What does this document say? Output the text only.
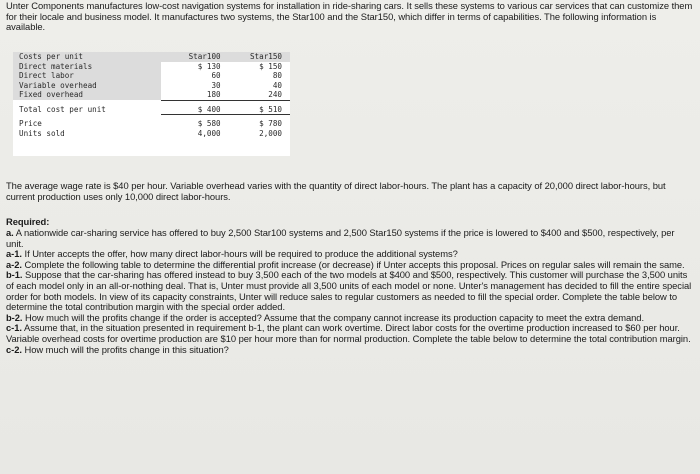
Unter Components manufactures low-cost navigation systems for installation in ride-sharing cars. It sells these systems to various car services that can customize them for their locale and business model. It manufactures two systems, the Star100 and the Star150, which differ in terms of capabilities. The following information is available.
Costs per unit	Star100	Star150
Direct materials	$ 130	$ 150
Direct labor	60	80
Variable overhead	30	40
Fixed overhead	180	240

Total cost per unit	$ 400	$ 510

Price	$ 580	$ 780
Units sold	4,000	2,000
The average wage rate is $40 per hour. Variable overhead varies with the quantity of direct labor-hours. The plant has a capacity of 20,000 direct labor-hours, but current production uses only 10,000 direct labor-hours.
Required:

a. A nationwide car-sharing service has offered to buy 2,500 Star100 systems and 2,500 Star150 systems if the price is lowered to $400 and $500, respectively, per unit.

a-1. If Unter accepts the offer, how many direct labor-hours will be required to produce the additional systems?

a-2. Complete the following table to determine the differential profit increase (or decrease) if Unter accepts this proposal. Prices on regular sales will remain the same.

b-1. Suppose that the car-sharing has offered instead to buy 3,500 each of the two models at $400 and $500, respectively. This customer will purchase the 3,500 units of each model only in an all-or-nothing deal. That is, Unter must provide all 3,500 units of each model or none. Unter's management has decided to fill the entire special order for both models. In view of its capacity constraints, Unter will reduce sales to regular customers as needed to fill the special order. Complete the table below to determine the total contribution margin with the special order added.

b-2. How much will the profits change if the order is accepted? Assume that the company cannot increase its production capacity to meet the extra demand.

c-1. Assume that, in the situation presented in requirement b-1, the plant can work overtime. Direct labor costs for the overtime production increased to $60 per hour. Variable overhead costs for overtime production are $10 per hour more than for normal production. Complete the table below to determine the total contribution margin.

c-2. How much will the profits change in this situation?
